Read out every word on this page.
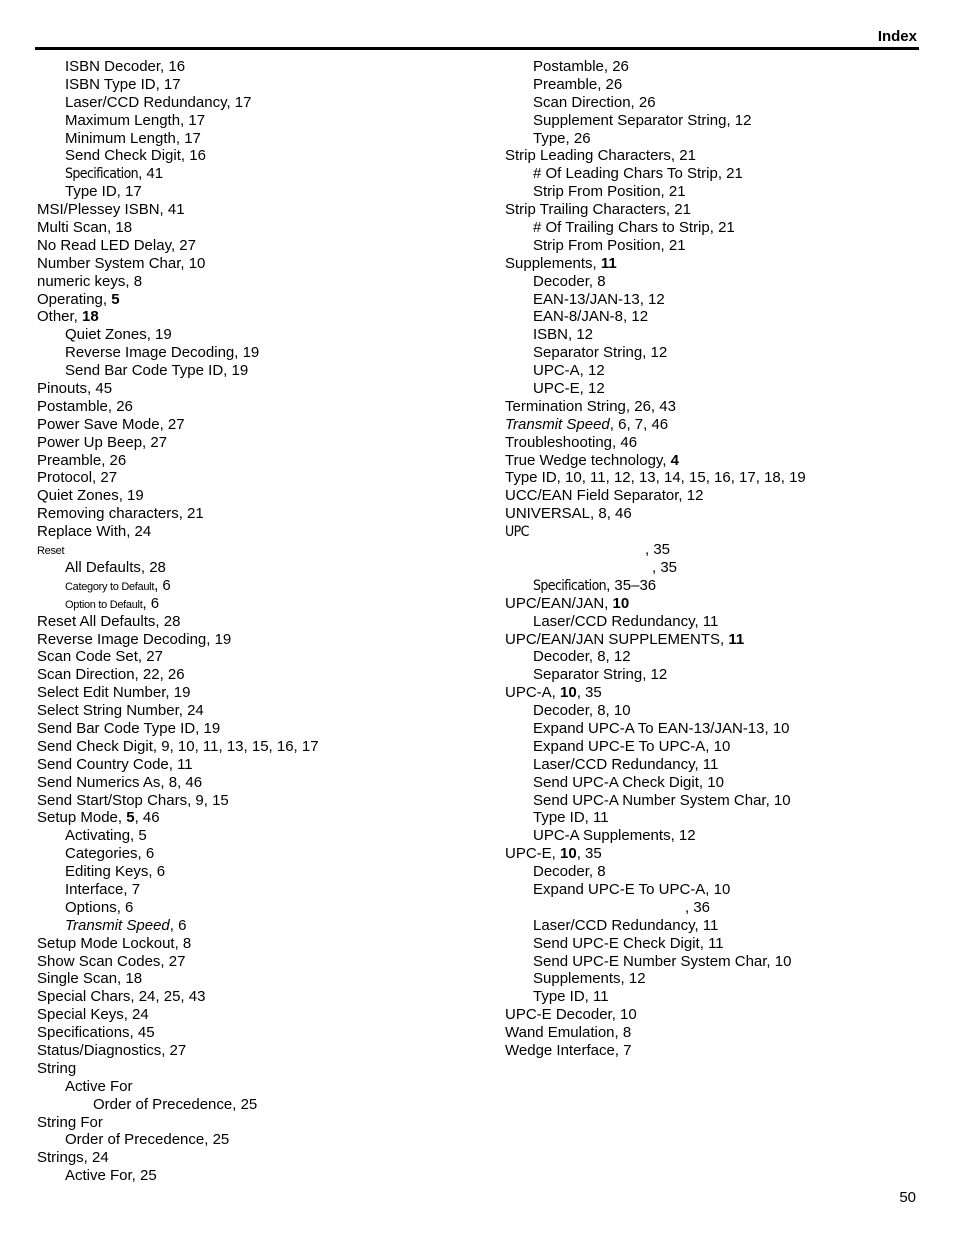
Index
ISBN Decoder, 16
ISBN Type ID, 17
Laser/CCD Redundancy, 17
Maximum Length, 17
Minimum Length, 17
Send Check Digit, 16
Specification, 41
Type ID, 17
MSI/Plessey ISBN, 41
Multi Scan, 18
No Read LED Delay, 27
Number System Char, 10
numeric keys, 8
Operating, 5
Other, 18
Quiet Zones, 19
Reverse Image Decoding, 19
Send Bar Code Type ID, 19
Pinouts, 45
Postamble, 26
Power Save Mode, 27
Power Up Beep, 27
Preamble, 26
Protocol, 27
Quiet Zones, 19
Removing characters, 21
Replace With, 24
Reset
All Defaults, 28
Category to Default, 6
Option to Default, 6
Reset All Defaults, 28
Reverse Image Decoding, 19
Scan Code Set, 27
Scan Direction, 22, 26
Select Edit Number, 19
Select String Number, 24
Send Bar Code Type ID, 19
Send Check Digit, 9, 10, 11, 13, 15, 16, 17
Send Country Code, 11
Send Numerics As, 8, 46
Send Start/Stop Chars, 9, 15
Setup Mode, 5, 46
Activating, 5
Categories, 6
Editing Keys, 6
Interface, 7
Options, 6
Transmit Speed, 6
Setup Mode Lockout, 8
Show Scan Codes, 27
Single Scan, 18
Special Chars, 24, 25, 43
Special Keys, 24
Specifications, 45
Status/Diagnostics, 27
String
Active For
Order of Precedence, 25
String For
Order of Precedence, 25
Strings, 24
Active For, 25
Postamble, 26
Preamble, 26
Scan Direction, 26
Supplement Separator String, 12
Type, 26
Strip Leading Characters, 21
# Of Leading Chars To Strip, 21
Strip From Position, 21
Strip Trailing Characters, 21
# Of Trailing Chars to Strip, 21
Strip From Position, 21
Supplements, 11
Decoder, 8
EAN-13/JAN-13, 12
EAN-8/JAN-8, 12
ISBN, 12
Separator String, 12
UPC-A, 12
UPC-E, 12
Termination String, 26, 43
Transmit Speed, 6, 7, 46
Troubleshooting, 46
True Wedge technology, 4
Type ID, 10, 11, 12, 13, 14, 15, 16, 17, 18, 19
UCC/EAN Field Separator, 12
UNIVERSAL, 8, 46
UPC
, 35
, 35
Specification, 35–36
UPC/EAN/JAN, 10
Laser/CCD Redundancy, 11
UPC/EAN/JAN SUPPLEMENTS, 11
Decoder, 8, 12
Separator String, 12
UPC-A, 10, 35
Decoder, 8, 10
Expand UPC-A To EAN-13/JAN-13, 10
Expand UPC-E To UPC-A, 10
Laser/CCD Redundancy, 11
Send UPC-A Check Digit, 10
Send UPC-A Number System Char, 10
Type ID, 11
UPC-A Supplements, 12
UPC-E, 10, 35
Decoder, 8
Expand UPC-E To UPC-A, 10
, 36
Laser/CCD Redundancy, 11
Send UPC-E Check Digit, 11
Send UPC-E Number System Char, 10
Supplements, 12
Type ID, 11
UPC-E Decoder, 10
Wand Emulation, 8
Wedge Interface, 7
50
